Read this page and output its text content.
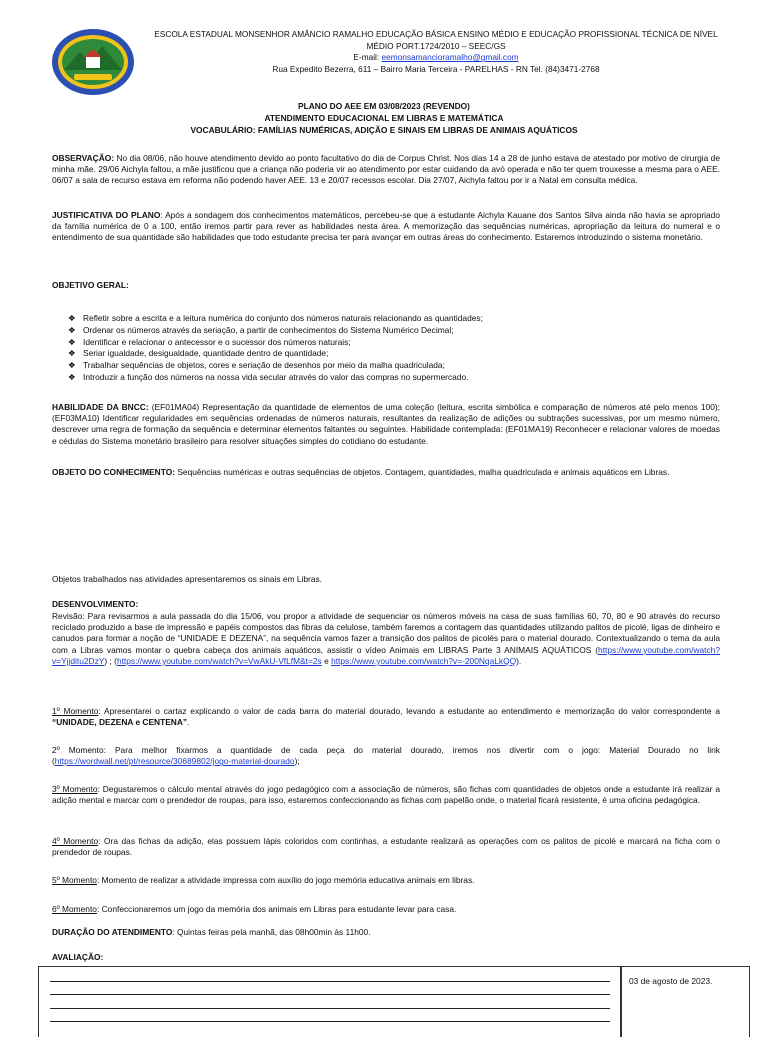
ESCOLA ESTADUAL MONSENHOR AMÂNCIO RAMALHO EDUCAÇÃO BÁSICA ENSINO MÉDIO E EDUCAÇÃO PROFISSIONAL TÉCNICA DE NÍVEL
MÉDIO PORT.1724/2010 – SEEC/GS
E-mail: eemonsamancioramalho@gmail.com
Rua Expedito Bezerra, 611 – Bairro Maria Terceira - PARELHAS - RN Tel. (84)3471-2768
PLANO DO AEE EM 03/08/2023 (REVENDO)
ATENDIMENTO EDUCACIONAL EM LIBRAS E MATEMÁTICA
VOCABULÁRIO: FAMÍLIAS NUMÉRICAS, ADIÇÃO E SINAIS EM LIBRAS DE ANIMAIS AQUÁTICOS
OBSERVAÇÃO: No dia 08/06, não houve atendimento devido ao ponto facultativo do dia de Corpus Christ. Nos dias 14 a 28 de junho estava de atestado por motivo de cirurgia de minha mãe. 29/06 Aichyla faltou, a mãe justificou que a criança não poderia vir ao atendimento por estar cuidando da avó operada e não ter quem trouxesse a mesma para o AEE. 06/07 a sala de recurso estava em reforma não podendo haver AEE. 13 e 20/07 recessos escolar. Dia 27/07, Aichyla faltou por ir a Natal em consulta médica.
JUSTIFICATIVA DO PLANO: Após a sondagem dos conhecimentos matemáticos, percebeu-se que a estudante Aichyla Kauane dos Santos Silva ainda não havia se apropriado da família numérica de 0 a 100, então iremos partir para rever as habilidades nesta área. A memorização das sequências numéricas, apropriação da leitura do numeral e o entendimento de sua quantidade são habilidades que todo estudante precisa ter para avançar em outras áreas do conhecimento. Estaremos introduzindo o sistema monetário.
OBJETIVO GERAL:
❖ Refletir sobre a escrita e a leitura numérica do conjunto dos números naturais relacionando as quantidades;
❖ Ordenar os números através da seriação, a partir de conhecimentos do Sistema Numérico Decimal;
❖ Identificar e relacionar o antecessor e o sucessor dos números naturais;
❖ Seriar igualdade, desigualdade, quantidade dentro de quantidade;
❖ Trabalhar sequências de objetos, cores e seriação de desenhos por meio da malha quadriculada;
❖ Introduzir a função dos números na nossa vida secular através do valor das compras no supermercado.
HABILIDADE DA BNCC: (EF01MA04) Representação da quantidade de elementos de uma coleção (leitura, escrita simbólica e comparação de números até pelo menos 100); (EF03MA10) Identificar regularidades em sequências ordenadas de números naturais, resultantes da realização de adições ou subtrações sucessivas, por um mesmo número, descrever uma regra de formação da sequência e determinar elementos faltantes ou seguintes. Habilidade contemplada: (EF01MA19) Reconhecer e relacionar valores de moedas e cédulas do Sistema monetário brasileiro para resolver situações simples do cotidiano do estudante.
OBJETO DO CONHECIMENTO: Sequências numéricas e outras sequências de objetos. Contagem, quantidades, malha quadriculada e animais aquáticos em Libras.
Objetos trabalhados nas atividades apresentaremos os sinais em Libras.
DESENVOLVIMENTO:
Revisão: Para revisarmos a aula passada do dia 15/06, vou propor a atividade de sequenciar os números móveis na casa de suas famílias 60, 70, 80 e 90 através do recurso reciclado produzido a base de impressão e papéis compostos das fibras da celulose, também faremos a contagem das quantidades utilizando palitos de picolé, ligas de dinheiro e canudos para formar a noção de “UNIDADE E DEZENA”, na sequência vamos fazer a transição dos palitos de picolés para o material dourado. Contextualizando o tema da aula com a Libras vamos montar o quebra cabeça dos animais aquáticos, assistir o vídeo Animais em LIBRAS Parte 3 ANIMAIS AQUÁTICOS (https://www.youtube.com/watch?v=Yjjditu2DzY) ; (https://www.youtube.com/watch?v=VwAkU-VfLfM&t=2s e https://www.youtube.com/watch?v=-200NqaLkQQ).
1º Momento: Apresentarei o cartaz explicando o valor de cada barra do material dourado, levando a estudante ao entendimento e memorização do valor correspondente a “UNIDADE, DEZENA e CENTENA”.
2º Momento: Para melhor fixarmos a quantidade de cada peça do material dourado, iremos nos divertir com o jogo: Material Dourado no link (https://wordwall.net/pt/resource/30689802/jogo-material-dourado);
3º Momento: Degustaremos o cálculo mental através do jogo pedagógico com a associação de números, são fichas com quantidades de objetos onde a estudante irá realizar a adição mental e marcar com o prendedor de roupas, para isso, estaremos confeccionando as fichas com papelão onde, o material ficará resistente, é uma oficina pedagógica.
4º Momento: Ora das fichas da adição, elas possuem lápis coloridos com continhas, a estudante realizará as operações com os palitos de picolé e marcará na ficha com o prendedor de roupas.
5º Momento: Momento de realizar a atividade impressa com auxílio do jogo memória educativa animais em libras.
6º Momento: Confeccionaremos um jogo da memória dos animais em Libras para estudante levar para casa.
DURAÇÃO DO ATENDIMENTO: Quintas feiras pela manhã, das 08h00min às 11h00.
AVALIAÇÃO:
03 de agosto de 2023.
